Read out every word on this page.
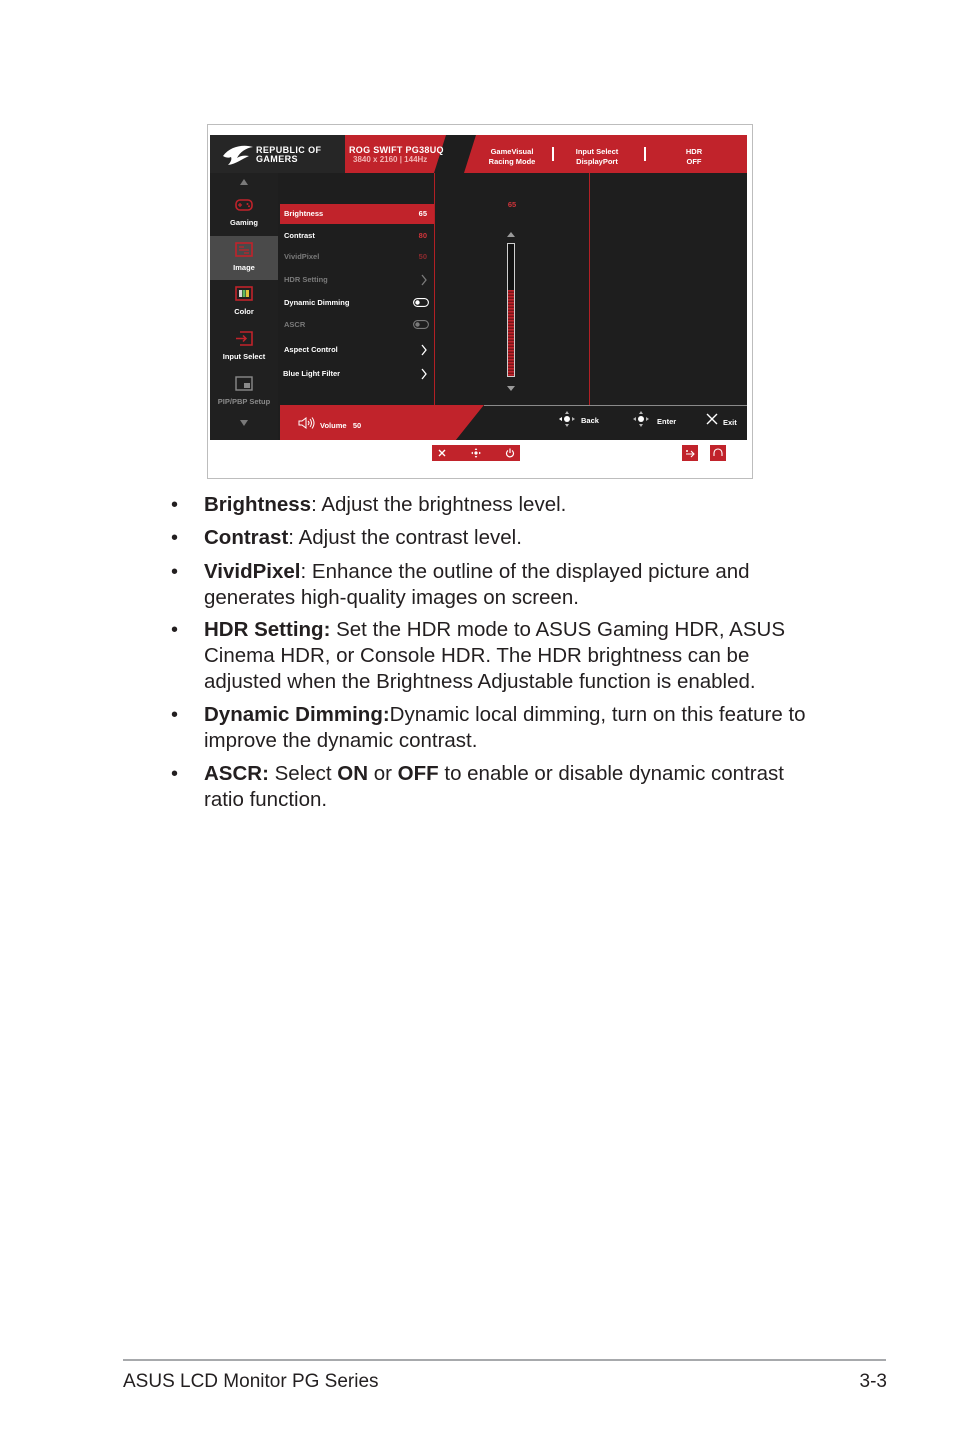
REPUBLIC OF
GAMERS
ROG SWIFT PG38UQ
3840 x 2160 | 144Hz
GameVisual
Racing Mode
Input Select
DisplayPort
HDR
OFF
Gaming
Image
Color
Input Select
PIP/PBP Setup
Brightness	65
Contrast	80
VividPixel	50
HDR Setting
Dynamic Dimming
ASCR
Aspect Control
Blue Light Filter
65
Volume 50
Back	Enter	Exit
• Brightness: Adjust the brightness level.
• Contrast: Adjust the contrast level.
• VividPixel: Enhance the outline of the displayed picture and generates high-quality images on screen.
• HDR Setting: Set the HDR mode to ASUS Gaming HDR, ASUS Cinema HDR, or Console HDR. The HDR brightness can be adjusted when the Brightness Adjustable function is enabled.
• Dynamic Dimming:Dynamic local dimming, turn on this feature to improve the dynamic contrast.
• ASCR: Select ON or OFF to enable or disable dynamic contrast ratio function.
ASUS LCD Monitor PG Series	3-3
